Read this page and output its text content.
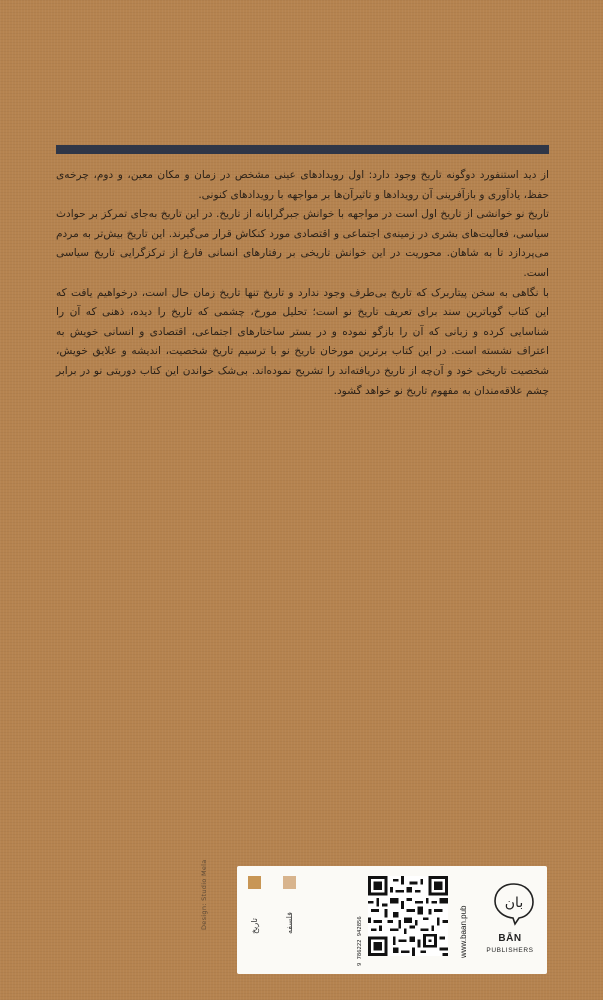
از دید استنفورد دوگونه تاریخ وجود دارد: اول رویدادهای عینی مشخص در زمان و مکان معین، و دوم، چرخه‌ی حفظ، یادآوری و بازآفرینی آن رویدادها و تاثیرآن‌ها بر مواجهه با رویدادهای کنونی.

تاریخ نو خوانشی از تاریخ اول است در مواجهه با خوانش جبرگرایانه از تاریخ. در این تاریخ به‌جای تمرکز بر حوادث سیاسی، فعالیت‌های بشری در زمینه‌ی اجتماعی و اقتصادی مورد کنکاش قرار می‌گیرند. این تاریخ بیش‌تر به مردم می‌پردازد تا به شاهان. محوریت در این خوانش تاریخی بر رفتارهای انسانی فارغ از ترکزگرایی تاریخ سیاسی است.

با نگاهی به سخن پیتاربرک که تاریخ بی‌طرف وجود ندارد و تاریخ تنها تاریخ زمان حال است، درخواهیم یافت که این کتاب گویاترین سند برای تعریف تاریخ نو است؛ تحلیل مورخ، چشمی که تاریخ را دیده، ذهنی که آن را شناسایی کرده و زبانی که آن را بازگو نموده و در بستر ساختارهای اجتماعی، اقتصادی و انسانی خویش به اعتراف نشسته است. در این کتاب برترین مورخان تاریخ نو با ترسیم تاریخ شخصیت، اندیشه و علایق خویش، شخصیت تاریخی خود و آن‌چه از تاریخ دریافته‌اند را تشریح نموده‌اند. بی‌شک خواندن این کتاب دوریتی نو در برابر چشم علاقه‌مندان به مفهوم تاریخ نو خواهد گشود.

Design: Studio Mela	تاریخ	فلسفه	9 786222 942856	www.baan.pub
بان
BĀN
PUBLISHERS
